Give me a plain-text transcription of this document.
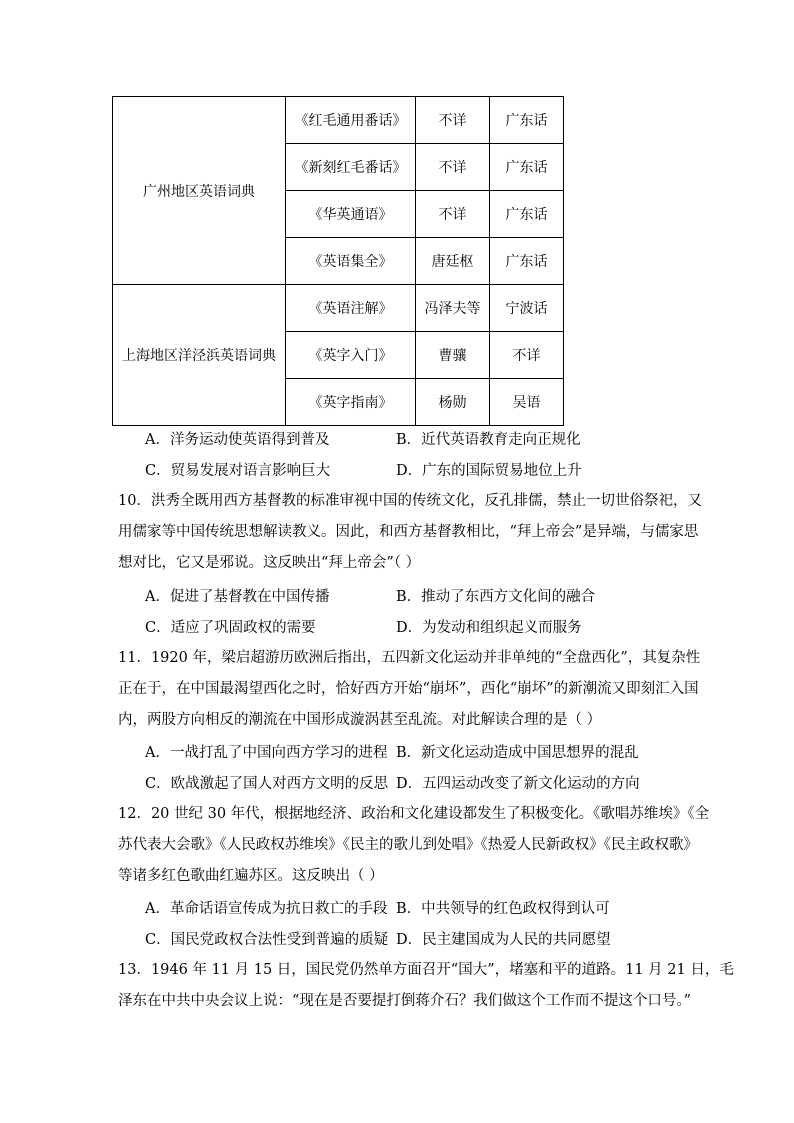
广州地区英语词典	《红毛通用番话》	不详	广东话
	《新刻红毛番话》	不详	广东话
	《华英通语》	不详	广东话
	《英语集全》	唐廷枢	广东话
上海地区洋泾浜英语词典	《英语注解》	冯泽夫等	宁波话
	《英字入门》	曹骧	不详
	《英字指南》	杨勋	吴语
A．洋务运动使英语得到普及	B．近代英语教育走向正规化
C．贸易发展对语言影响巨大	D．广东的国际贸易地位上升
10．洪秀全既用西方基督教的标准审视中国的传统文化，反孔排儒，禁止一切世俗祭祀，又
用儒家等中国传统思想解读教义。因此，和西方基督教相比，“拜上帝会”是异端，与儒家思
想对比，它又是邪说。这反映出“拜上帝会”（ ）
A．促进了基督教在中国传播	B．推动了东西方文化间的融合
C．适应了巩固政权的需要	D．为发动和组织起义而服务
11．1920 年，梁启超游历欧洲后指出，五四新文化运动并非单纯的“全盘西化”，其复杂性
正在于，在中国最渴望西化之时，恰好西方开始“崩坏”，西化“崩坏”的新潮流又即刻汇入国
内，两股方向相反的潮流在中国形成漩涡甚至乱流。对此解读合理的是（ ）
A．一战打乱了中国向西方学习的进程 B．新文化运动造成中国思想界的混乱
C．欧战激起了国人对西方文明的反思 D．五四运动改变了新文化运动的方向
12．20 世纪 30 年代，根据地经济、政治和文化建设都发生了积极变化。《歌唱苏维埃》《全
苏代表大会歌》《人民政权苏维埃》《民主的歌儿到处唱》《热爱人民新政权》《民主政权歌》
等诸多红色歌曲红遍苏区。这反映出（ ）
A．革命话语宣传成为抗日救亡的手段 B．中共领导的红色政权得到认可
C．国民党政权合法性受到普遍的质疑 D．民主建国成为人民的共同愿望
13．1946 年 11 月 15 日，国民党仍然单方面召开“国大”，堵塞和平的道路。11 月 21 日，毛
泽东在中共中央会议上说：“现在是否要提打倒蒋介石？我们做这个工作而不提这个口号。”
